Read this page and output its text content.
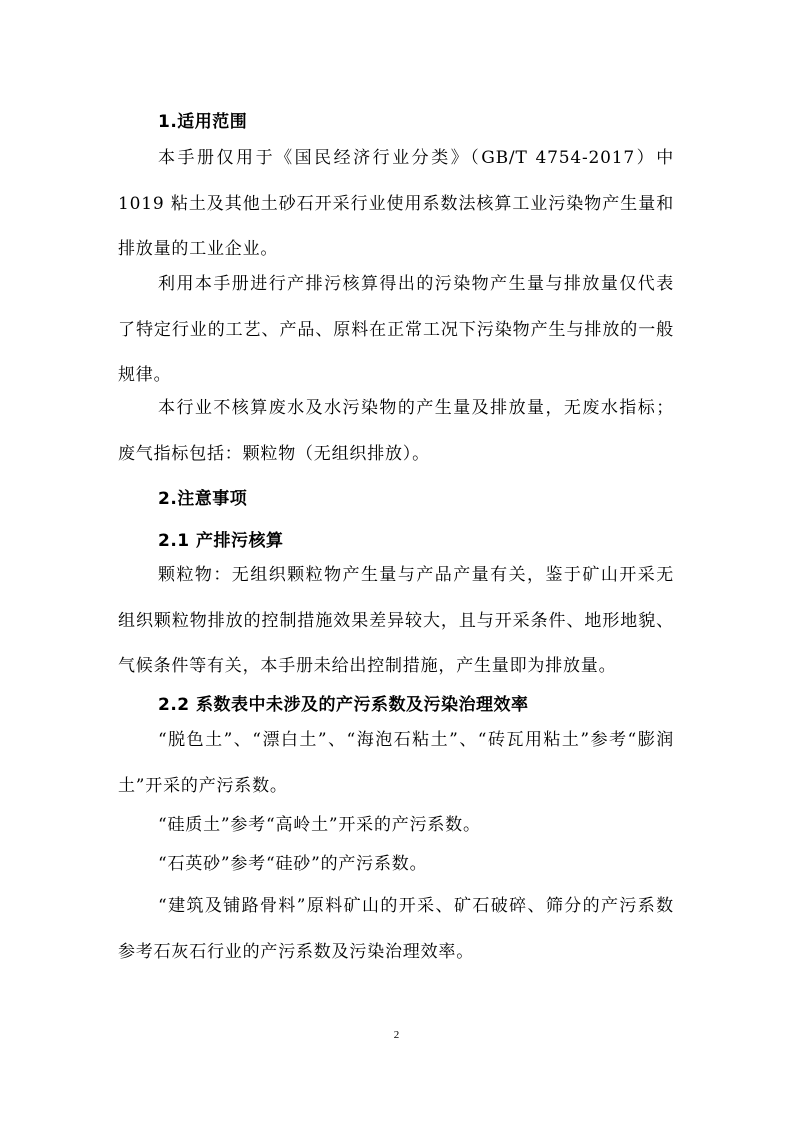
1.适用范围
本手册仅用于《国民经济行业分类》（GB/T 4754-2017）中 1019 粘土及其他土砂石开采行业使用系数法核算工业污染物产生量和排放量的工业企业。
利用本手册进行产排污核算得出的污染物产生量与排放量仅代表了特定行业的工艺、产品、原料在正常工况下污染物产生与排放的一般规律。
本行业不核算废水及水污染物的产生量及排放量，无废水指标；废气指标包括：颗粒物（无组织排放）。
2.注意事项
2.1 产排污核算
颗粒物：无组织颗粒物产生量与产品产量有关，鉴于矿山开采无组织颗粒物排放的控制措施效果差异较大，且与开采条件、地形地貌、气候条件等有关，本手册未给出控制措施，产生量即为排放量。
2.2 系数表中未涉及的产污系数及污染治理效率
“脱色土”、“漂白土”、“海泡石粘土”、“砖瓦用粘土”参考“膨润土”开采的产污系数。
“硅质土”参考“高岭土”开采的产污系数。
“石英砂”参考“硅砂”的产污系数。
“建筑及铺路骨料”原料矿山的开采、矿石破碎、筛分的产污系数参考石灰石行业的产污系数及污染治理效率。
2
